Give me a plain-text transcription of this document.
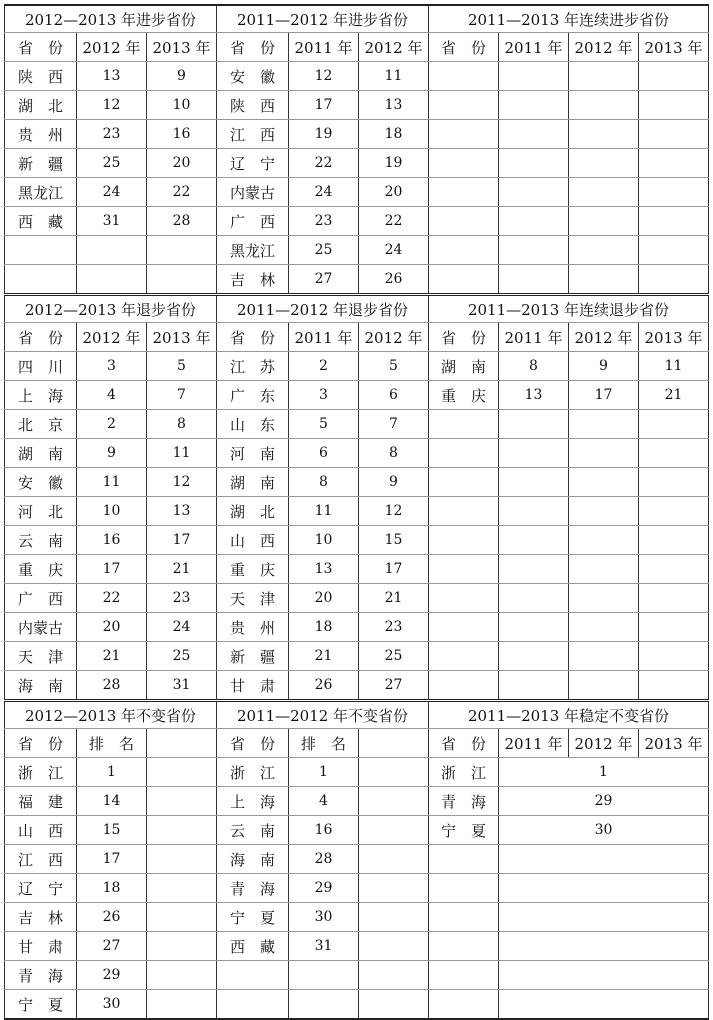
2012—2013 年进步省份			2011—2012 年进步省份			2011—2013 年连续进步省份			
省　份	2012 年	2013 年	省　份	2011 年	2012 年	省　份	2011 年	2012 年	2013 年
陕　西	13	9	安　徽	12	11				
湖　北	12	10	陕　西	17	13				
贵　州	23	16	江　西	19	18				
新　疆	25	20	辽　宁	22	19				
黑龙江	24	22	内蒙古	24	20				
西　藏	31	28	广　西	23	22				
			黑龙江	25	24				
			吉　林	27	26				
2012—2013 年退步省份			2011—2012 年退步省份			2011—2013 年连续退步省份			
省　份	2012 年	2013 年	省　份	2011 年	2012 年	省　份	2011 年	2012 年	2013 年
四　川	3	5	江　苏	2	5	湖　南	8	9	11
上　海	4	7	广　东	3	6	重　庆	13	17	21
北　京	2	8	山　东	5	7				
湖　南	9	11	河　南	6	8				
安　徽	11	12	湖　南	8	9				
河　北	10	13	湖　北	11	12				
云　南	16	17	山　西	10	15				
重　庆	17	21	重　庆	13	17				
广　西	22	23	天　津	20	21				
内蒙古	20	24	贵　州	18	23				
天　津	21	25	新　疆	21	25				
海　南	28	31	甘　肃	26	27				
2012—2013 年不变省份			2011—2012 年不变省份			2011—2013 年稳定不变省份			
省　份	排　名		省　份	排　名		省　份	2011 年	2012 年	2013 年
浙　江	1		浙　江	1		浙　江	1		
福　建	14		上　海	4		青　海	29		
山　西	15		云　南	16		宁　夏	30		
江　西	17		海　南	28					
辽　宁	18		青　海	29					
吉　林	26		宁　夏	30					
甘　肃	27		西　藏	31					
青　海	29								
宁　夏	30								
